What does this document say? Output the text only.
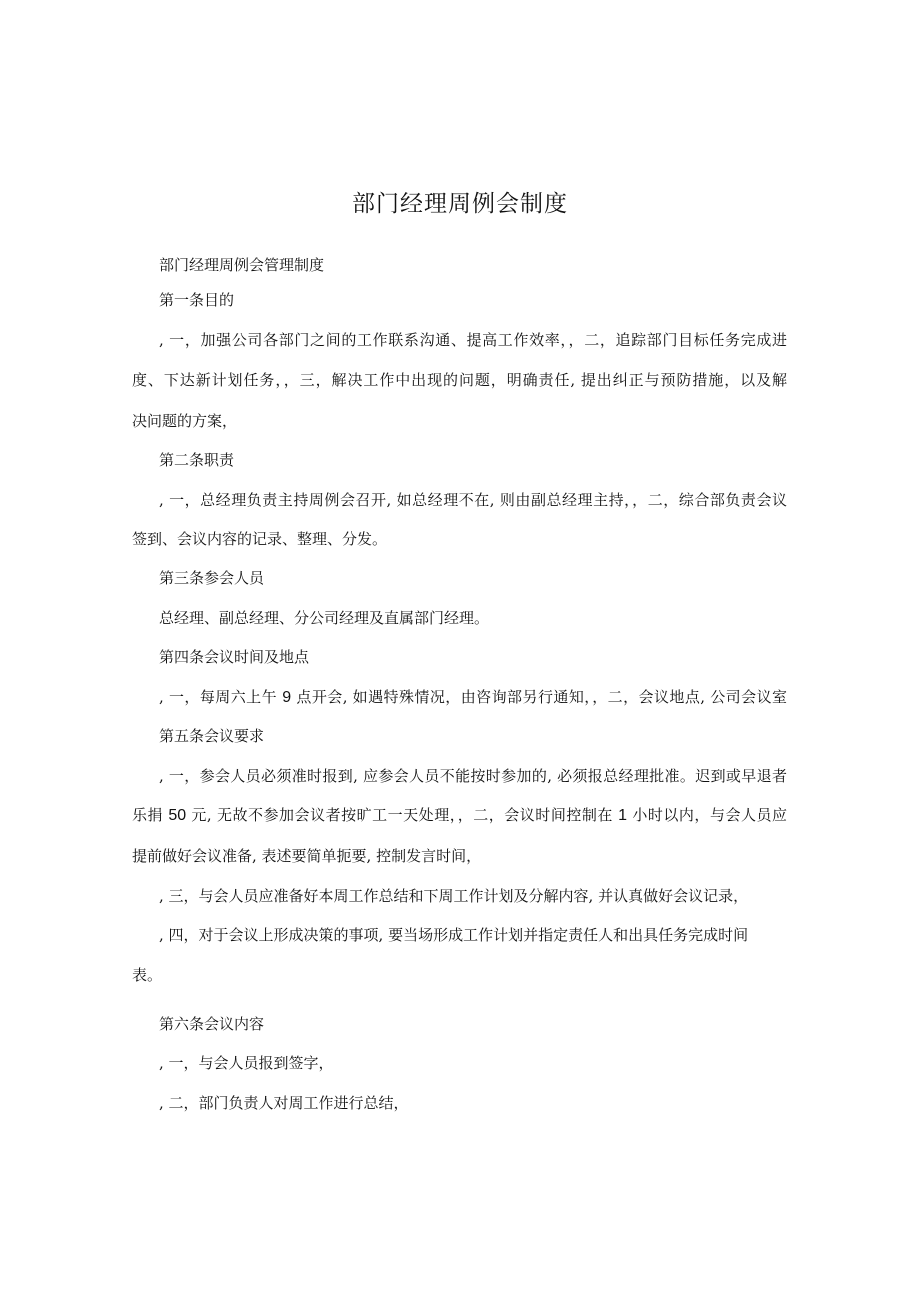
部门经理周例会制度

部门经理周例会管理制度

第一条目的

, 一，加强公司各部门之间的工作联系沟通、提高工作效率，，二，追踪部门目标任务完成进

度、下达新计划任务，，三，解决工作中出现的问题，明确责任, 提出纠正与预防措施，以及解

决问题的方案，

第二条职责

, 一，总经理负责主持周例会召开, 如总经理不在, 则由副总经理主持，，二，综合部负责会议

签到、会议内容的记录、整理、分发。

第三条参会人员

总经理、副总经理、分公司经理及直属部门经理。

第四条会议时间及地点

, 一，每周六上午 9 点开会, 如遇特殊情况，由咨询部另行通知，，二，会议地点, 公司会议室

第五条会议要求

, 一，参会人员必须准时报到, 应参会人员不能按时参加的, 必须报总经理批准。迟到或早退者

乐捐 50 元, 无故不参加会议者按旷工一天处理，，二，会议时间控制在 1 小时以内，与会人员应

提前做好会议准备, 表述要简单扼要, 控制发言时间，

, 三，与会人员应准备好本周工作总结和下周工作计划及分解内容, 并认真做好会议记录，

, 四，对于会议上形成决策的事项, 要当场形成工作计划并指定责任人和出具任务完成时间

表。

第六条会议内容

, 一，与会人员报到签字，

, 二，部门负责人对周工作进行总结，
